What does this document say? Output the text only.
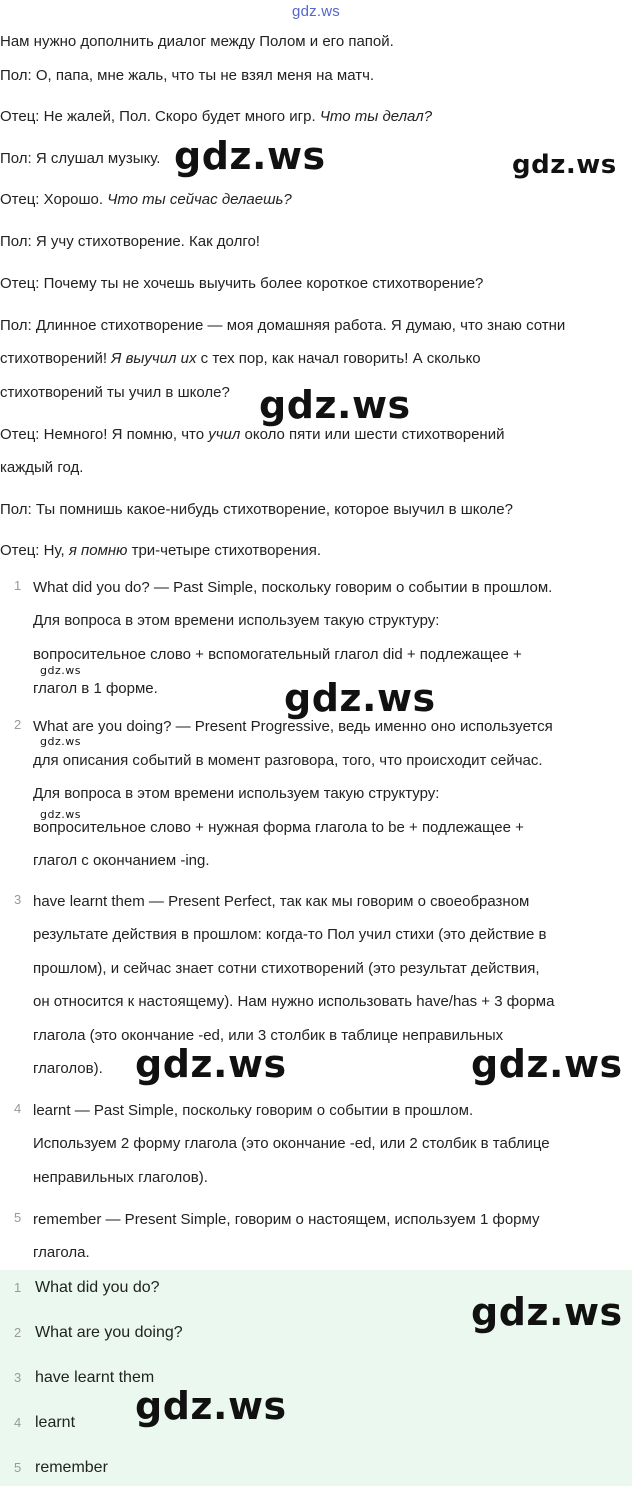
Нам нужно дополнить диалог между Полом и его папой.
Пол: О, папа, мне жаль, что ты не взял меня на матч.
Отец: Не жалей, Пол. Скоро будет много игр. Что ты делал?
Пол: Я слушал музыку.
Отец: Хорошо. Что ты сейчас делаешь?
Пол: Я учу стихотворение. Как долго!
Отец: Почему ты не хочешь выучить более короткое стихотворение?
Пол: Длинное стихотворение — моя домашняя работа. Я думаю, что знаю сотни
стихотворений! Я выучил их с тех пор, как начал говорить! А сколько
стихотворений ты учил в школе?
Отец: Немного! Я помню, что учил около пяти или шести стихотворений
каждый год.
Пол: Ты помнишь какое-нибудь стихотворение, которое выучил в школе?
Отец: Ну, я помню три-четыре стихотворения.
gdz.ws
1 What did you do? — Past Simple, поскольку говорим о событии в прошлом.
Для вопроса в этом времени используем такую структуру:
вопросительное слово + вспомогательный глагол did + подлежащее +
глагол в 1 форме.
2 What are you doing? — Present Progressive, ведь именно оно используется
для описания событий в момент разговора, того, что происходит сейчас.
Для вопроса в этом времени используем такую структуру:
вопросительное слово + нужная форма глагола to be + подлежащее +
глагол с окончанием -ing.
3 have learnt them — Present Perfect, так как мы говорим о своеобразном
результате действия в прошлом: когда-то Пол учил стихи (это действие в
прошлом), и сейчас знает сотни стихотворений (это результат действия,
он относится к настоящему). Нам нужно использовать have/has + 3 форма
глагола (это окончание -ed, или 3 столбик в таблице неправильных
глаголов).
4 learnt — Past Simple, поскольку говорим о событии в прошлом.
Используем 2 форму глагола (это окончание -ed, или 2 столбик в таблице
неправильных глаголов).
5 remember — Present Simple, говорим о настоящем, используем 1 форму
глагола.
1 What did you do?
2 What are you doing?
3 have learnt them
4 learnt
5 remember
gdz.ws	gdz.ws
gdz.ws
gdz.ws
gdz.ws
gdz.ws
gdz.ws
gdz.ws	gdz.ws
gdz.ws
gdz.ws
